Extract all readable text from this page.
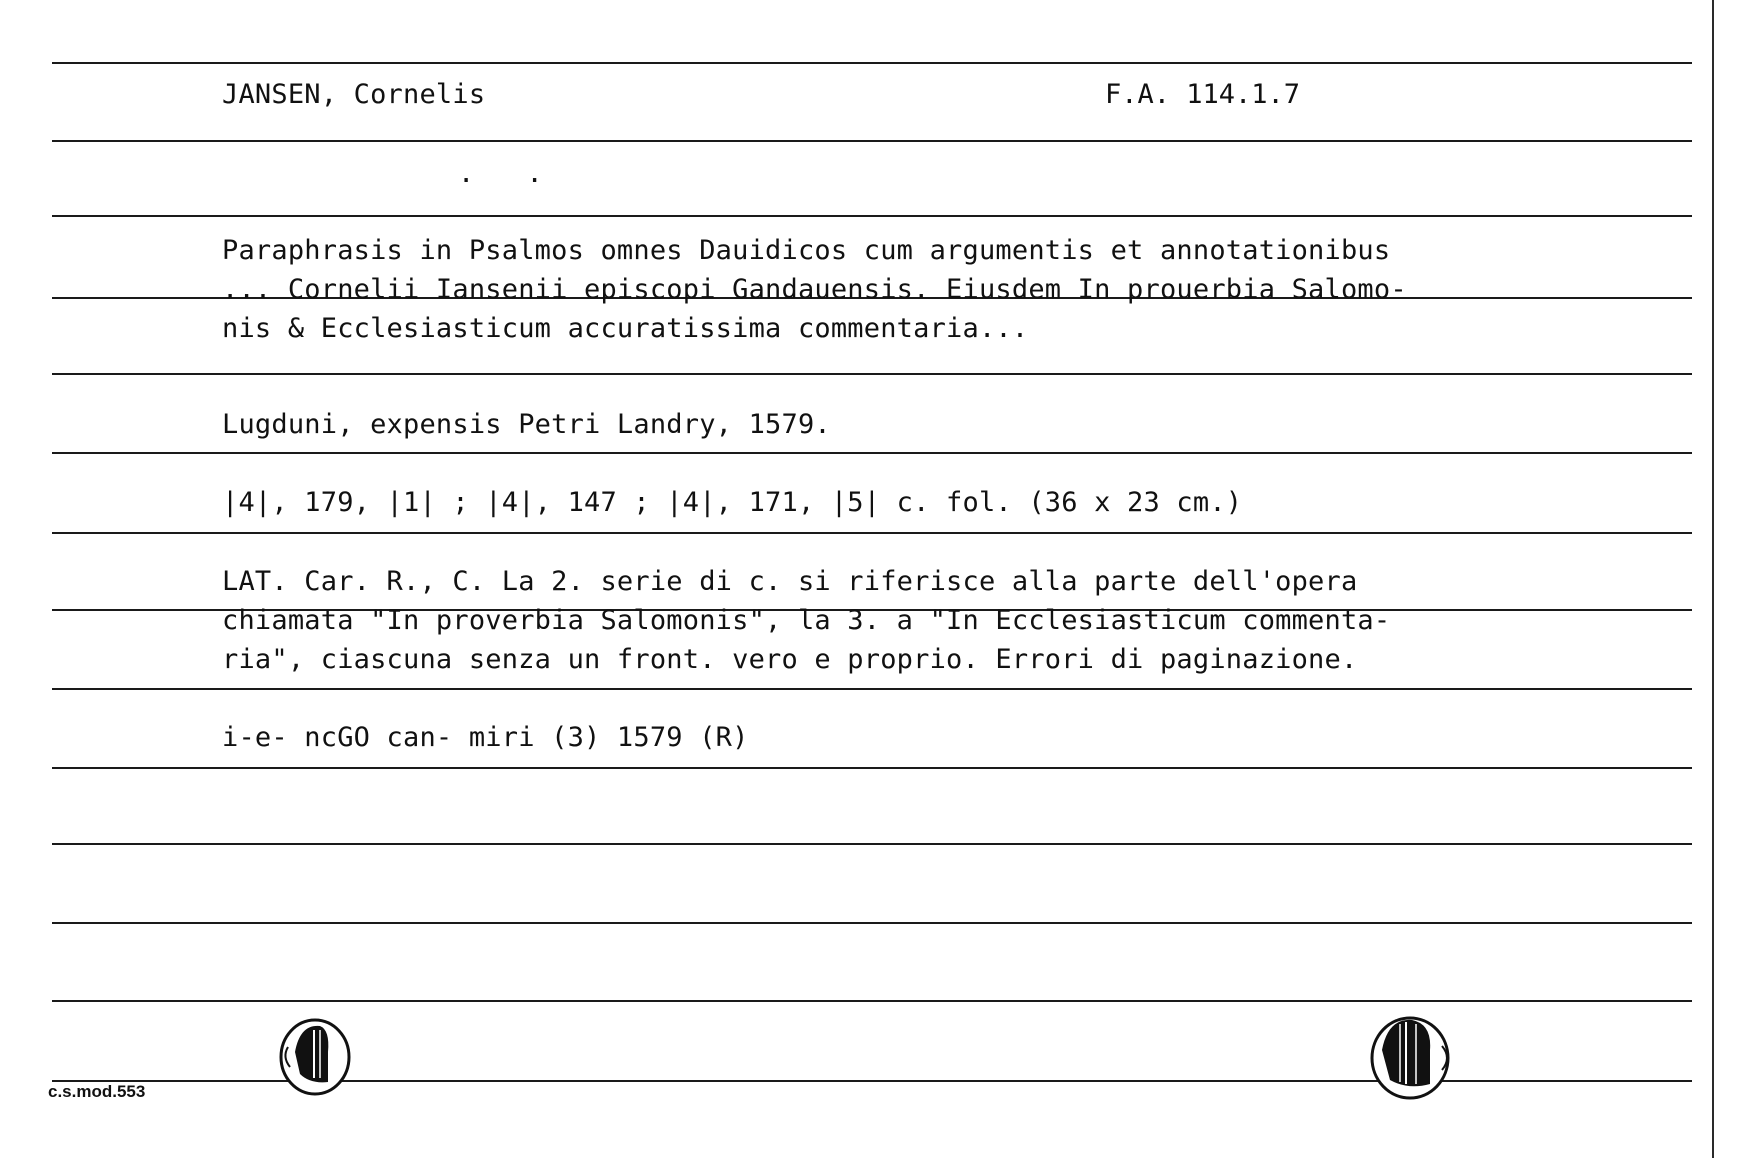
JANSEN, Cornelis	F.A. 114.1.7
. .
Paraphrasis in Psalmos omnes Dauidicos cum argumentis et annotationibus
... Cornelii Iansenii episcopi Gandauensis. Eiusdem In prouerbia Salomo-
nis & Ecclesiasticum accuratissima commentaria...
Lugduni, expensis Petri Landry, 1579.
|4|, 179, |1| ; |4|, 147 ; |4|, 171, |5| c. fol. (36 x 23 cm.)
LAT. Car. R., C. La 2. serie di c. si riferisce alla parte dell'opera
chiamata "In proverbia Salomonis", la 3. a "In Ecclesiasticum commenta-
ria", ciascuna senza un front. vero e proprio. Errori di paginazione.
i-e- ncGO can- miri (3) 1579 (R)
c.s.mod.553
